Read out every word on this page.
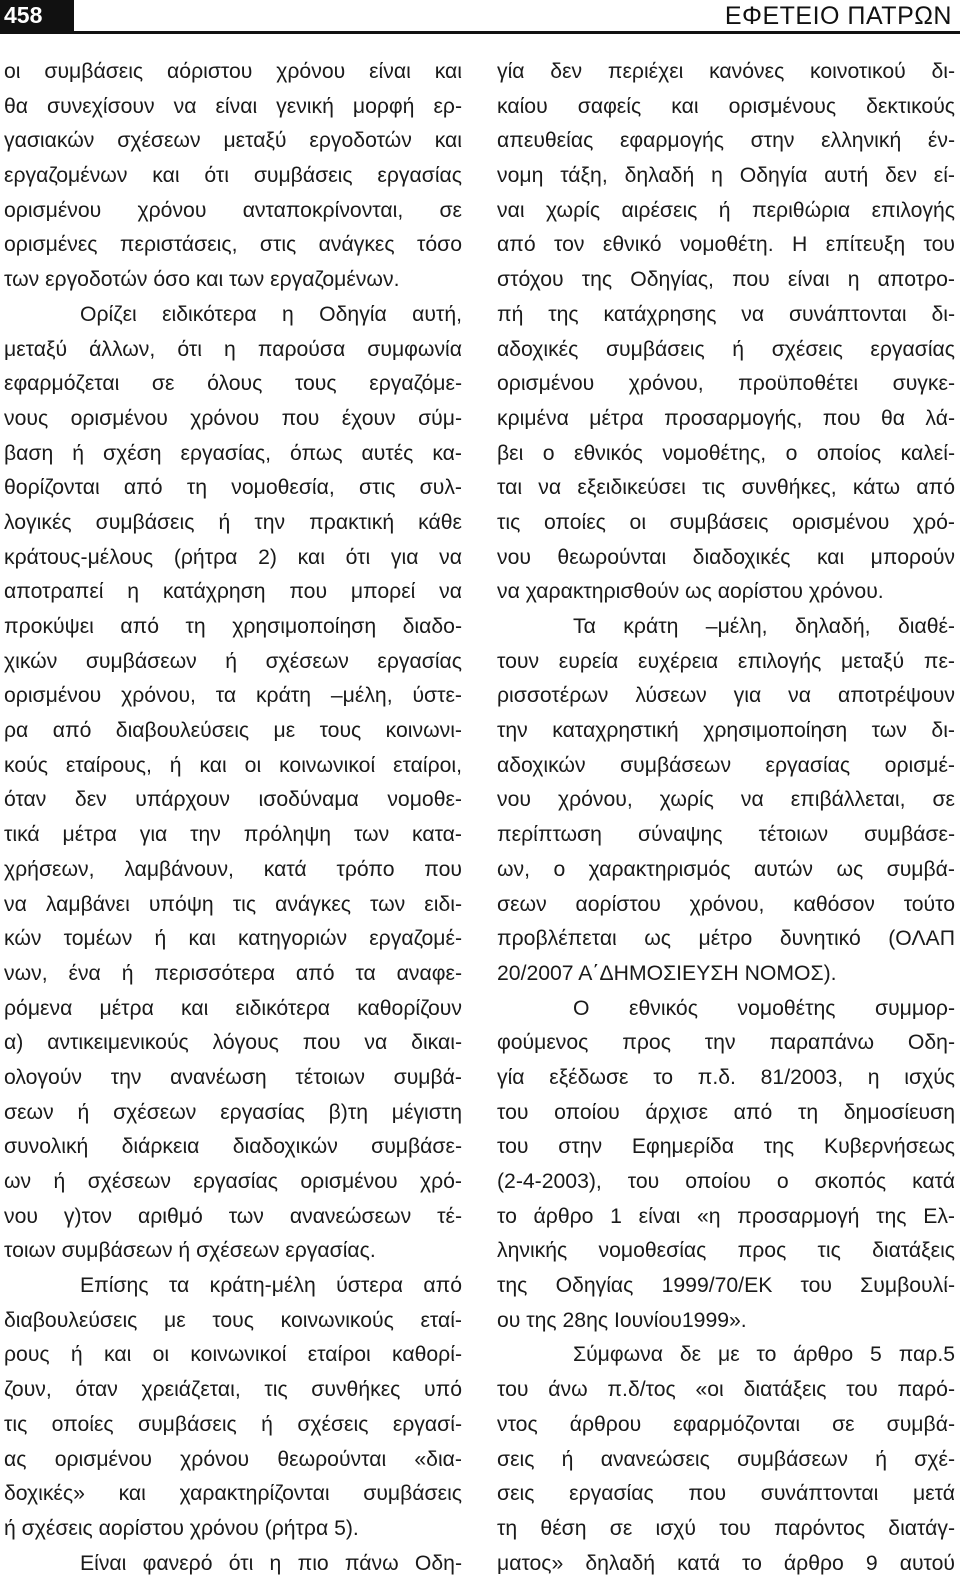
458	ΕΦΕΤΕΙΟ ΠΑΤΡΩΝ
οι συμβάσεις αόριστου χρόνου είναι και
θα συνεχίσουν να είναι γενική μορφή ερ-
γασιακών σχέσεων μεταξύ εργοδοτών και
εργαζομένων και ότι συμβάσεις εργασίας
ορισμένου χρόνου ανταποκρίνονται, σε
ορισμένες περιστάσεις, στις ανάγκες τόσο
των εργοδοτών όσο και των εργαζομένων.
Ορίζει ειδικότερα η Οδηγία αυτή,
μεταξύ άλλων, ότι η παρούσα συμφωνία
εφαρμόζεται σε όλους τους εργαζόμε-
νους ορισμένου χρόνου που έχουν σύμ-
βαση ή σχέση εργασίας, όπως αυτές κα-
θορίζονται από τη νομοθεσία, στις συλ-
λογικές συμβάσεις ή την πρακτική κάθε
κράτους-μέλους (ρήτρα 2) και ότι για να
αποτραπεί η κατάχρηση που μπορεί να
προκύψει από τη χρησιμοποίηση διαδο-
χικών συμβάσεων ή σχέσεων εργασίας
ορισμένου χρόνου, τα κράτη –μέλη, ύστε-
ρα από διαβουλεύσεις με τους κοινωνι-
κούς εταίρους, ή και οι κοινωνικοί εταίροι,
όταν δεν υπάρχουν ισοδύναμα νομοθε-
τικά μέτρα για την πρόληψη των κατα-
χρήσεων, λαμβάνουν, κατά τρόπο που
να λαμβάνει υπόψη τις ανάγκες των ειδι-
κών τομέων ή και κατηγοριών εργαζομέ-
νων, ένα ή περισσότερα από τα αναφε-
ρόμενα μέτρα και ειδικότερα καθορίζουν
α) αντικειμενικούς λόγους που να δικαι-
ολογούν την ανανέωση τέτοιων συμβά-
σεων ή σχέσεων εργασίας β)τη μέγιστη
συνολική διάρκεια διαδοχικών συμβάσε-
ων ή σχέσεων εργασίας ορισμένου χρό-
νου γ)τον αριθμό των ανανεώσεων τέ-
τοιων συμβάσεων ή σχέσεων εργασίας.
Επίσης τα κράτη-μέλη ύστερα από
διαβουλεύσεις με τους κοινωνικούς εταί-
ρους ή και οι κοινωνικοί εταίροι καθορί-
ζουν, όταν χρειάζεται, τις συνθήκες υπό
τις οποίες συμβάσεις ή σχέσεις εργασί-
ας ορισμένου χρόνου θεωρούνται «δια-
δοχικές» και χαρακτηρίζονται συμβάσεις
ή σχέσεις αορίστου χρόνου (ρήτρα 5).
Είναι φανερό ότι η πιο πάνω Οδη-
γία δεν περιέχει κανόνες κοινοτικού δι-
καίου σαφείς και ορισμένους δεκτικούς
απευθείας εφαρμογής στην ελληνική έν-
νομη τάξη, δηλαδή η Οδηγία αυτή δεν εί-
ναι χωρίς αιρέσεις ή περιθώρια επιλογής
από τον εθνικό νομοθέτη. Η επίτευξη του
στόχου της Οδηγίας, που είναι η αποτρο-
πή της κατάχρησης να συνάπτονται δι-
αδοχικές συμβάσεις ή σχέσεις εργασίας
ορισμένου χρόνου, προϋποθέτει συγκε-
κριμένα μέτρα προσαρμογής, που θα λά-
βει ο εθνικός νομοθέτης, ο οποίος καλεί-
ται να εξειδικεύσει τις συνθήκες, κάτω από
τις οποίες οι συμβάσεις ορισμένου χρό-
νου θεωρούνται διαδοχικές και μπορούν
να χαρακτηρισθούν ως αορίστου χρόνου.
Τα κράτη –μέλη, δηλαδή, διαθέ-
τουν ευρεία ευχέρεια επιλογής μεταξύ πε-
ρισσοτέρων λύσεων για να αποτρέψουν
την καταχρηστική χρησιμοποίηση των δι-
αδοχικών συμβάσεων εργασίας ορισμέ-
νου χρόνου, χωρίς να επιβάλλεται, σε
περίπτωση σύναψης τέτοιων συμβάσε-
ων, ο χαρακτηρισμός αυτών ως συμβά-
σεων αορίστου χρόνου, καθόσον τούτο
προβλέπεται ως μέτρο δυνητικό (ΟΛΑΠ
20/2007 Α΄ΔΗΜΟΣΙΕΥΣΗ ΝΟΜΟΣ).
Ο εθνικός νομοθέτης συμμορ-
φούμενος προς την παραπάνω Οδη-
γία εξέδωσε το π.δ. 81/2003, η ισχύς
του οποίου άρχισε από τη δημοσίευση
του στην Εφημερίδα της Κυβερνήσεως
(2-4-2003), του οποίου ο σκοπός κατά
το άρθρο 1 είναι «η προσαρμογή της Ελ-
ληνικής νομοθεσίας προς τις διατάξεις
της Οδηγίας 1999/70/ΕΚ του Συμβουλί-
ου της 28ης Ιουνίου1999».
Σύμφωνα δε με το άρθρο 5 παρ.5
του άνω π.δ/τος «οι διατάξεις του παρό-
ντος άρθρου εφαρμόζονται σε συμβά-
σεις ή ανανεώσεις συμβάσεων ή σχέ-
σεις εργασίας που συνάπτονται μετά
τη θέση σε ισχύ του παρόντος διατάγ-
ματος» δηλαδή κατά το άρθρο 9 αυτού
